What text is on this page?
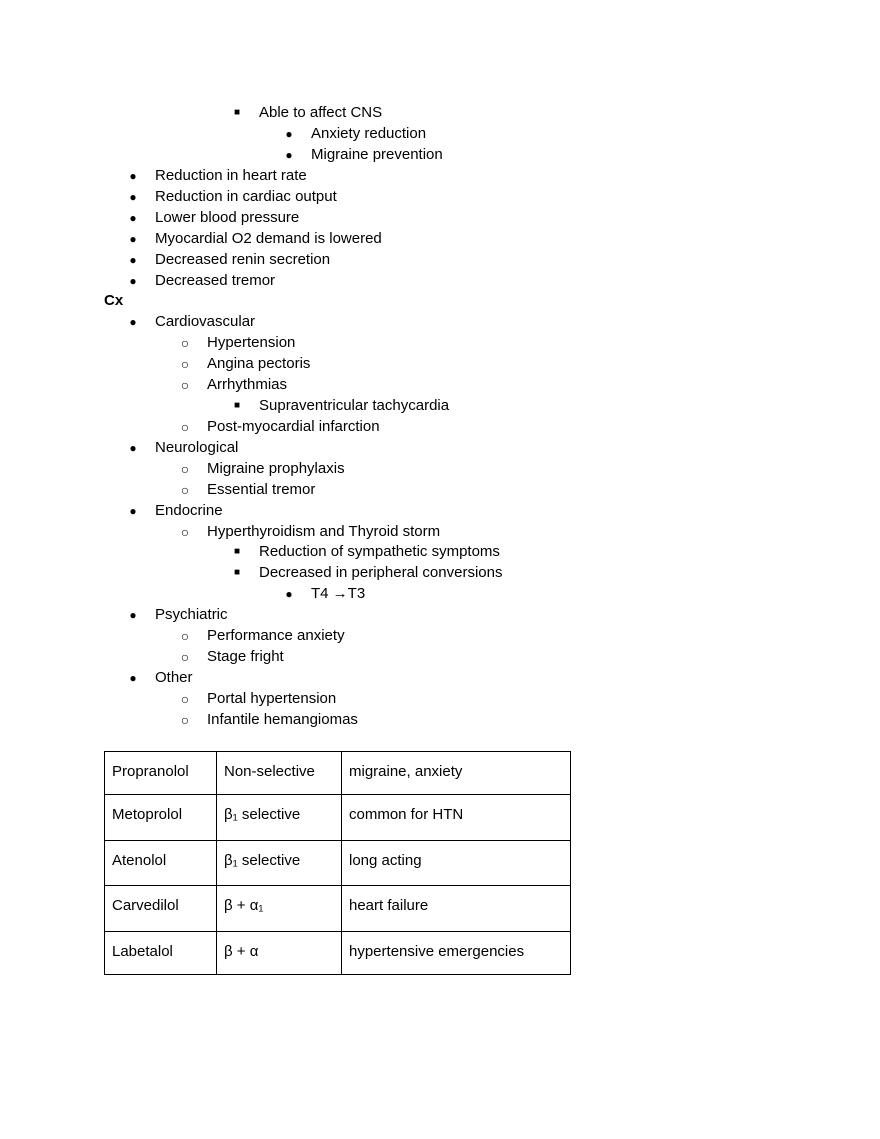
Cx
Propranolol	Non-selective	migraine, anxiety
Metoprolol	β₁ selective	common for HTN
Atenolol	β₁ selective	long acting
Carvedilol	β + α₁	heart failure
Labetalol	β + α	hypertensive emergencies
■ Able to affect CNS
● Anxiety reduction
● Migraine prevention
● Reduction in heart rate
● Reduction in cardiac output
● Lower blood pressure
● Myocardial O2 demand is lowered
● Decreased renin secretion
● Decreased tremor
● Cardiovascular
○ Hypertension
○ Angina pectoris
○ Arrhythmias
■ Supraventricular tachycardia
○ Post-myocardial infarction
● Neurological
○ Migraine prophylaxis
○ Essential tremor
● Endocrine
○ Hyperthyroidism and Thyroid storm
■ Reduction of sympathetic symptoms
■ Decreased in peripheral conversions
● T4 →T3
● Psychiatric
○ Performance anxiety
○ Stage fright
● Other
○ Portal hypertension
○ Infantile hemangiomas
